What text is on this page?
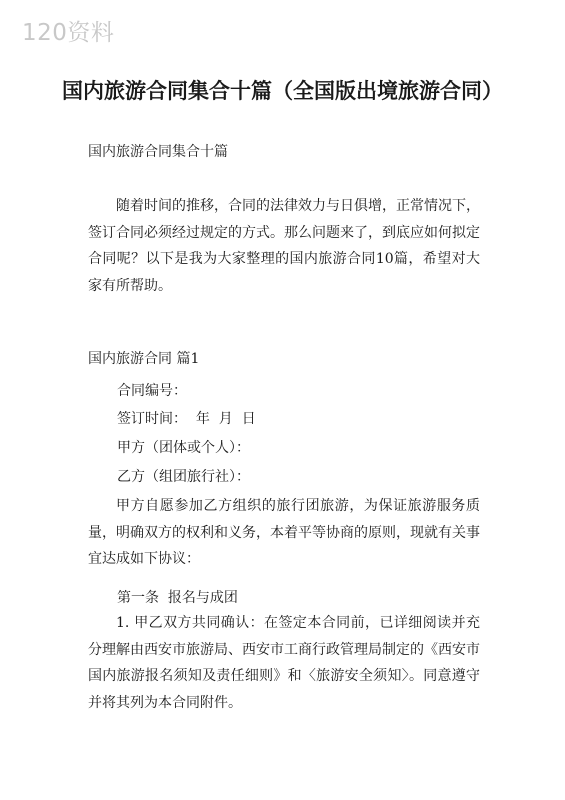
120资料
国内旅游合同集合十篇（全国版出境旅游合同）
国内旅游合同集合十篇
随着时间的推移，合同的法律效力与日俱增，正常情况下，签订合同必须经过规定的方式。那么问题来了，到底应如何拟定合同呢？以下是我为大家整理的国内旅游合同10篇，希望对大家有所帮助。
国内旅游合同 篇1
合同编号：
签订时间：  年  月  日
甲方（团体或个人）：
乙方（组团旅行社）：
甲方自愿参加乙方组织的旅行团旅游，为保证旅游服务质量，明确双方的权利和义务，本着平等协商的原则，现就有关事宜达成如下协议：
第一条  报名与成团
1. 甲乙双方共同确认：在签定本合同前，已详细阅读并充分理解由西安市旅游局、西安市工商行政管理局制定的《西安市国内旅游报名须知及责任细则》和〈旅游安全须知〉。同意遵守并将其列为本合同附件。
